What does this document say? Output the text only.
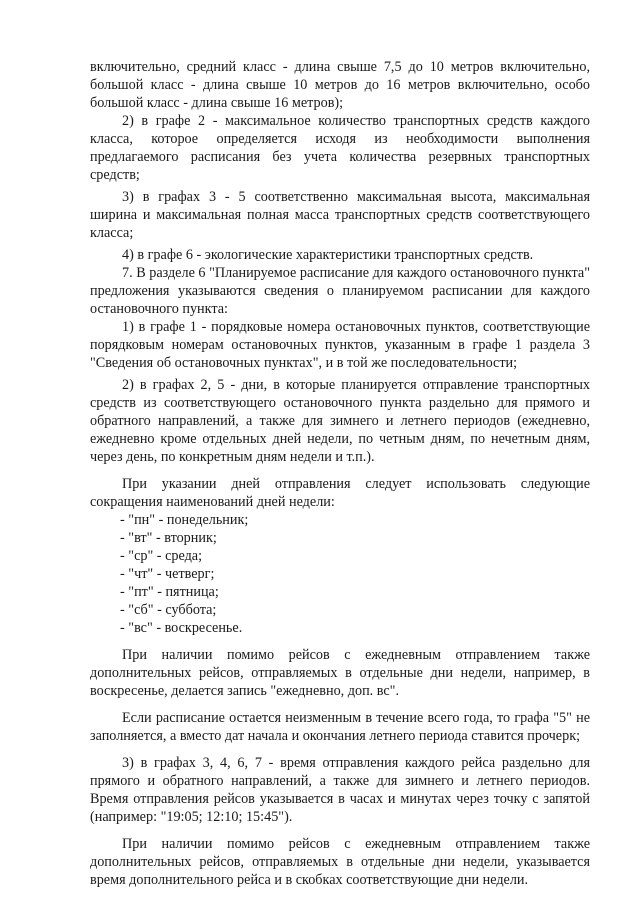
включительно, средний класс - длина свыше 7,5 до 10 метров включительно, большой класс - длина свыше 10 метров до 16 метров включительно, особо большой класс - длина свыше 16 метров);

2) в графе 2 - максимальное количество транспортных средств каждого класса, которое определяется исходя из необходимости выполнения предлагаемого расписания без учета количества резервных транспортных средств;

3) в графах 3 - 5 соответственно максимальная высота, максимальная ширина и максимальная полная масса транспортных средств соответствующего класса;

4) в графе 6 - экологические характеристики транспортных средств.

7. В разделе 6 "Планируемое расписание для каждого остановочного пункта" предложения указываются сведения о планируемом расписании для каждого остановочного пункта:

1) в графе 1 - порядковые номера остановочных пунктов, соответствующие порядковым номерам остановочных пунктов, указанным в графе 1 раздела 3 "Сведения об остановочных пунктах", и в той же последовательности;

2) в графах 2, 5 - дни, в которые планируется отправление транспортных средств из соответствующего остановочного пункта раздельно для прямого и обратного направлений, а также для зимнего и летнего периодов (ежедневно, ежедневно кроме отдельных дней недели, по четным дням, по нечетным дням, через день, по конкретным дням недели и т.п.).

При указании дней отправления следует использовать следующие сокращения наименований дней недели:

- "пн" - понедельник;

- "вт" - вторник;

- "ср" - среда;

- "чт" - четверг;

- "пт" - пятница;

- "сб" - суббота;

- "вс" - воскресенье.

При наличии помимо рейсов с ежедневным отправлением также дополнительных рейсов, отправляемых в отдельные дни недели, например, в воскресенье, делается запись "ежедневно, доп. вс".

Если расписание остается неизменным в течение всего года, то графа "5" не заполняется, а вместо дат начала и окончания летнего периода ставится прочерк;

3) в графах 3, 4, 6, 7 - время отправления каждого рейса раздельно для прямого и обратного направлений, а также для зимнего и летнего периодов. Время отправления рейсов указывается в часах и минутах через точку с запятой (например: "19:05; 12:10; 15:45").

При наличии помимо рейсов с ежедневным отправлением также дополнительных рейсов, отправляемых в отдельные дни недели, указывается время дополнительного рейса и в скобках соответствующие дни недели.
